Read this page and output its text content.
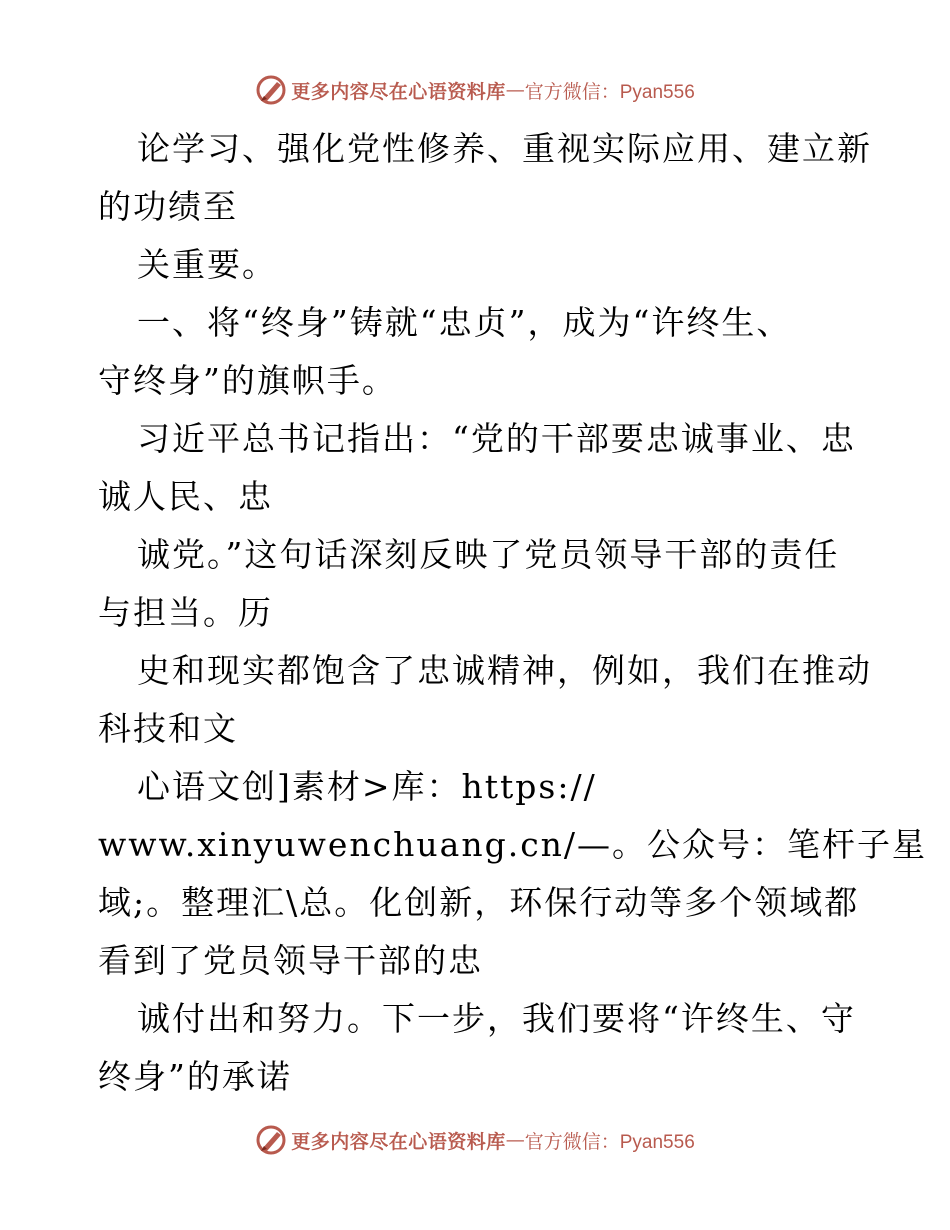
更多内容尽在心语资料库 — 官方微信：Pyan556
论学习、强化党性修养、重视实际应用、建立新
的功绩至
关重要。
一、将“终身”铸就“忠贞”，成为“许终生、
守终身”的旗帜手。
习近平总书记指出：“党的干部要忠诚事业、忠
诚人民、忠
诚党。”这句话深刻反映了党员领导干部的责任
与担当。历
史和现实都饱含了忠诚精神，例如，我们在推动
科技和文
心语文创]素材>库：https://
www.xinyuwenchuang.cn/—。公众号：笔杆子星
域;。整理汇\总。化创新，环保行动等多个领域都
看到了党员领导干部的忠
诚付出和努力。下一步，我们要将“许终生、守
终身”的承诺
更多内容尽在心语资料库 — 官方微信：Pyan556
